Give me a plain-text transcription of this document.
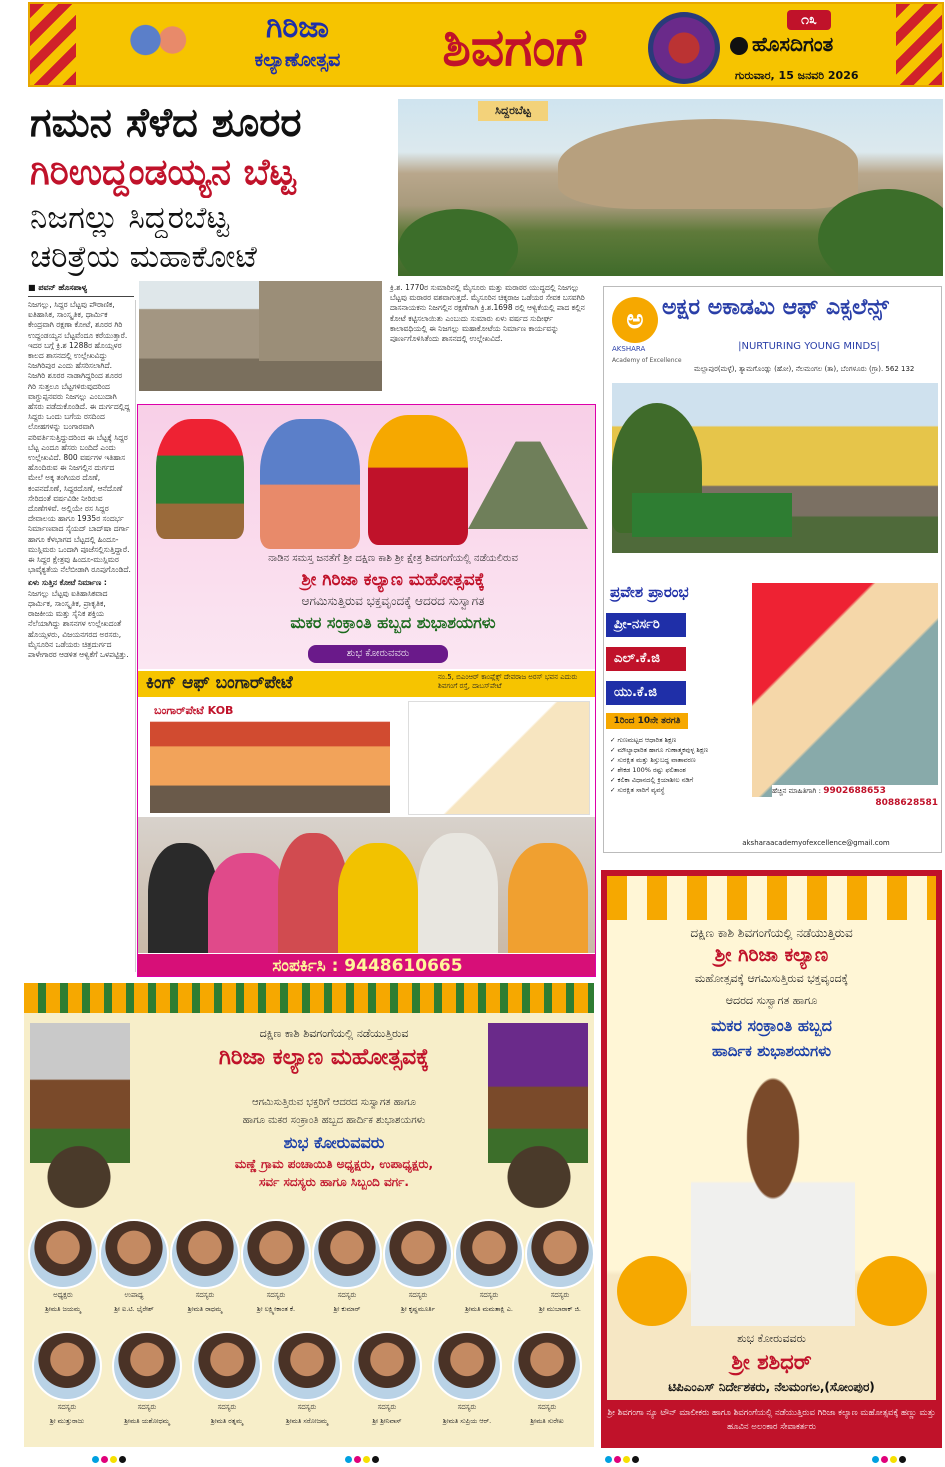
ಗಿರಿಜಾ
ಕಲ್ಯಾಣೋತ್ಸವ	ಶಿವಗಂಗೆ	೧೩
ಹೊಸದಿಗಂತ
ಗುರುವಾರ, 15 ಜನವರಿ 2026
ಗಮನ ಸೆಳೆದ ಶೂರರ
ಗಿರಿಉದ್ದಂಡಯ್ಯನ ಬೆಟ್ಟ
ನಿಜಗಲ್ಲು ಸಿದ್ದರಬೆಟ್ಟ
ಚರಿತ್ರೆಯ ಮಹಾಕೋಟೆ
ಸಿದ್ದರಬೆಟ್ಟ
■ ಪವನ್ ಹೊಸಪಾಳ್ಯ
ನಿಜಗಲ್ಲು, ಸಿದ್ದರ ಬೆಟ್ಟವು ಪೌರಾಣಿಕ, ಐತಿಹಾಸಿಕ, ಸಾಂಸ್ಕೃತಿಕ, ಧಾರ್ಮಿಕ ಕೇಂದ್ರವಾಗಿ ರಕ್ಷಣಾ ಕೋಟೆ, ಶೂರರ ಗಿರಿ ಉದ್ದಂಡಯ್ಯನ ಬೆಟ್ಟವೆಂದೂ ಕರೆಯುತ್ತಾರೆ. ಇದರ ಬಗ್ಗೆ ಕ್ರಿ.ಶ 1288ರ ಹೊಯ್ಸಳರ ಕಾಲದ ಶಾಸನದಲ್ಲಿ ಉಲ್ಲೇಖವಿದ್ದು ನಿಜಗಿರಿಪುರ ಎಂದು ಹೆಸರಿಸಲಾಗಿದೆ. ನಿಜಗಿರಿ ಶೂರರ ನಾಡಾಗಿದ್ದರಿಂದ ಶೂರರ ಗಿರಿ ಸುತ್ತಲೂ ಬೆಟ್ಟಗಳಿರುವುದರಿಂದ ವಾಗ್ದುಪ್ಪನವರು ನಿಜಗಲ್ಲು ಎಂಬುದಾಗಿ ಹೆಸರು ಪಡೆದುಕೊಂಡಿದೆ. ಈ ದುರ್ಗದಲ್ಲಿದ್ದ ಸಿದ್ದರು ಒಂದು ಬಗೆಯ ರಸದಿಂದ ಲೋಹಗಳನ್ನು ಬಂಗಾರವಾಗಿ ಪರಿವರ್ತಿಸುತ್ತಿದ್ದುದರಿಂದ ಈ ಬೆಟ್ಟಕ್ಕೆ ಸಿದ್ದರ ಬೆಟ್ಟ ಎಂದೂ ಹೆಸರು ಬಂದಿದೆ ಎಂದು ಉಲ್ಲೇಖವಿದೆ. 800 ವರ್ಷಗಳ ಇತಿಹಾಸ ಹೊಂದಿರುವ ಈ ನಿಜಗಲ್ಲಿನ ದುರ್ಗದ ಮೇಲೆ ಅಕ್ಕ ತಂಗಿಯರ ದೊಣೆ, ಕಂಪನದೊಣೆ, ಸಿದ್ದರದೊಣೆ, ಆನೆದೊಣೆ ಸೇರಿದಂತೆ ವರ್ಷವಿಡೀ ನೀರಿರುವ ದೊಣೆಗಳಿವೆ. ಅಲ್ಲಿಯೇ ರಸ ಸಿದ್ದರ ದೇವಾಲಯ ಹಾಗೂ 1935ರ ಸಂದರ್ಭ ನಿರ್ಮಾಣವಾದ ಸೈಯದ್ ಬಾದ್‌ಷಾ ದರ್ಗಾ ಹಾಗೂ ಕೆಳಭಾಗದ ಬೆಟ್ಟದಲ್ಲಿ ಹಿಂದೂ-ಮುಸ್ಲಿಮರು ಒಂದಾಗಿ ಪೂಜೆಸಲ್ಲಿಸುತ್ತಿದ್ದಾರೆ. ಈ ಸಿದ್ದರ ಕ್ಷೇತ್ರವು ಹಿಂದೂ-ಮುಸ್ಲಿಮರ ಭಾವೈಕ್ಯತೆಯ ನೆಲೆಬೀಡಾಗಿ ರೂಪುಗೊಂಡಿದೆ.
ಏಳು ಸುತ್ತಿನ ಕೋಟೆ ನಿರ್ಮಾಣ :
ನಿಜಗಲ್ಲು ಬೆಟ್ಟವು ಐತಿಹಾಸಿಕವಾದ ಧಾರ್ಮಿಕ, ಸಾಂಸ್ಕೃತಿಕ, ಪ್ರಾಕೃತಿಕ, ರಾಜಕೀಯ ಮತ್ತು ಸೈನಿಕ ಶಕ್ತಿಯ ನೆಲೆಯಾಗಿದ್ದು ಶಾಸನಗಳ ಉಲ್ಲೇಖದಂತೆ ಹೊಯ್ಸಳರು, ವಿಜಯನಗರದ ಅರಸರು, ಮೈಸೂರಿನ ಒಡೆಯರು ಚಿತ್ರದುರ್ಗದ ಪಾಳೇಗಾರರ ಆಡಳಿತ ಆಳ್ವಿಕೆಗೆ ಒಳಪಟ್ಟಿತ್ತು.
ಕ್ರಿ.ಶ. 1770ರ ಸುಮಾರಿನಲ್ಲಿ ಮೈಸೂರು ಮತ್ತು ಮರಾಠರ ಯುದ್ಧದಲ್ಲಿ ನಿಜಗಲ್ಲು ಬೆಟ್ಟವು ಮರಾಠರ ವಶವಾಗುತ್ತದೆ. ಮೈಸೂರಿನ ಚಿಕ್ಕರಾಜ ಒಡೆಯರ ಸೇವಕ ಬಸವಗಿರಿ ದಾಸನಾಯಕನು ನಿಜಗಲ್ಲಿನ ರಕ್ಷಣೆಗಾಗಿ ಕ್ರಿ.ಶ.1698 ರಲ್ಲಿ ಆಳ್ವಿಕೆಯಲ್ಲಿ ಪಾದ ಕಲ್ಲಿನ ಕೋಟೆ ಕಟ್ಟಿಸಲಾಯಿತು ಎಂಬುದು ಸುಮಾರು ಏಳು ವರ್ಷದ ಸುದೀರ್ಘ ಕಾಲಾವಧಿಯಲ್ಲಿ ಈ ನಿಜಗಲ್ಲು ಮಹಾಕೋಟೆಯ ನಿರ್ಮಾಣ ಕಾರ್ಯವನ್ನು ಪೂರ್ಣಗೊಳಿಸಿತೆಂದು ಶಾಸನದಲ್ಲಿ ಉಲ್ಲೇಖವಿದೆ.
ನಾಡಿನ ಸಮಸ್ತ ಜನತೆಗೆ ಶ್ರೀ ದಕ್ಷಿಣ ಕಾಶಿ ಶ್ರೀ ಕ್ಷೇತ್ರ ಶಿವಗಂಗೆಯಲ್ಲಿ ನಡೆಯಲಿರುವ
ಶ್ರೀ ಗಿರಿಜಾ ಕಲ್ಯಾಣ ಮಹೋತ್ಸವಕ್ಕೆ
ಆಗಮಿಸುತ್ತಿರುವ ಭಕ್ತವೃಂದಕ್ಕೆ ಆದರದ ಸುಸ್ವಾಗತ
ಮಕರ ಸಂಕ್ರಾಂತಿ ಹಬ್ಬದ ಶುಭಾಶಯಗಳು
ಶುಭ ಕೋರುವವರು
ಕಿಂಗ್ ಆಫ್ ಬಂಗಾರ್‌ಪೇಟೆ	ನಂ.5, ಬಿಎಂಆರ್ ಕಾಂಪ್ಲೆಕ್ಸ್ ದೇವರಾಜ ಅರಸ್ ಭವನ ಎದುರು ಶಿವಗಂಗೆ ರಸ್ತೆ, ದಾಬಸ್‌ಪೇಟೆ
ಬಂಗಾರ್‌ಪೇಟೆ KOB
ಸಂಪರ್ಕಿಸಿ : 9448610665
ಅ ಅಕ್ಷರ ಅಕಾಡಮಿ ಆಫ್ ಎಕ್ಸಲೆನ್ಸ್
|NURTURING YOUNG MINDS|
AKSHARA
Academy of Excellence
ಮಲ್ಲಾಪುರ(ಮಳ್ಳೆ), ತ್ಯಾಮಗೊಂಡ್ಲು (ಹೋ), ನೆಲಮಂಗಲ (ತಾ), ಬೆಂಗಳೂರು (ಗ್ರಾ). 562 132
ಪ್ರವೇಶ ಪ್ರಾರಂಭ
ಪ್ರೀ-ನರ್ಸರಿ
ಎಲ್.ಕೆ.ಜಿ
ಯು.ಕೆ.ಜಿ
1ರಿಂದ 10ನೇ ತರಗತಿ
✓ ಗುಣಮಟ್ಟದ ಆಧಾರಿತ ಶಿಕ್ಷಣ
✓ ಮೌಲ್ಯಾಧಾರಿತ ಹಾಗೂ ಗುಣಾತ್ಮಕವುಳ್ಳ ಶಿಕ್ಷಣ
✓ ಸುರಕ್ಷಿತ ಮತ್ತು ಶಿಸ್ತುಬದ್ಧ ವಾತಾವರಣ
✓ ಶೇಕಡ 100% ರಷ್ಟು ಫಲಿತಾಂಶ
✓ ಕಲಿಕಾ ವಿಧಾನದಲ್ಲಿ ಕ್ರಿಯಾಶೀಲ ನಡಿಗೆ
✓ ಸುರಕ್ಷಿತ ಸಾರಿಗೆ ವ್ಯವಸ್ಥೆ	ಹೆಚ್ಚಿನ ಮಾಹಿತಿಗಾಗಿ : 9902688653
8088628581
aksharaacademyofexcellence@gmail.com
ದಕ್ಷಿಣ ಕಾಶಿ ಶಿವಗಂಗೆಯಲ್ಲಿ ನಡೆಯುತ್ತಿರುವ
ಶ್ರೀ ಗಿರಿಜಾ ಕಲ್ಯಾಣ
ಮಹೋತ್ಸವಕ್ಕೆ ಆಗಮಿಸುತ್ತಿರುವ ಭಕ್ತವೃಂದಕ್ಕೆ
ಆದರದ ಸುಸ್ವಾಗತ ಹಾಗೂ
ಮಕರ ಸಂಕ್ರಾಂತಿ ಹಬ್ಬದ
ಹಾರ್ದಿಕ ಶುಭಾಶಯಗಳು
ಶುಭ ಕೋರುವವರು
ಶ್ರೀ ಶಶಿಧರ್
ಟಿಪಿಎಂಎಸ್ ನಿರ್ದೇಶಕರು, ನೆಲಮಂಗಲ,(ಸೋಂಪುರ)
ಶ್ರೀ ಶಿವಗಂಗಾ ನ್ಯೂ ಟೌನ್ ಮಾಲೀಕರು ಹಾಗೂ ಶಿವಗಂಗೆಯಲ್ಲಿ ನಡೆಯುತ್ತಿರುವ ಗಿರಿಜಾ ಕಲ್ಯಾಣ ಮಹೋತ್ಸವಕ್ಕೆ ಹಣ್ಣು ಮತ್ತು ಹೂವಿನ ಅಲಂಕಾರ ಸೇವಾಕರ್ತರು
ದಕ್ಷಿಣ ಕಾಶಿ ಶಿವಗಂಗೆಯಲ್ಲಿ ನಡೆಯುತ್ತಿರುವ
ಗಿರಿಜಾ ಕಲ್ಯಾಣ ಮಹೋತ್ಸವಕ್ಕೆ
ಆಗಮಿಸುತ್ತಿರುವ ಭಕ್ತರಿಗೆ ಆದರದ ಸುಸ್ವಾಗತ ಹಾಗೂ
ಹಾಗೂ ಮಕರ ಸಂಕ್ರಾಂತಿ ಹಬ್ಬದ ಹಾರ್ದಿಕ ಶುಭಾಶಯಗಳು
ಶುಭ ಕೋರುವವರು
ಮಣ್ಣೆ ಗ್ರಾಮ ಪಂಚಾಯಿತಿ ಅಧ್ಯಕ್ಷರು, ಉಪಾಧ್ಯಕ್ಷರು,
ಸರ್ವ ಸದಸ್ಯರು ಹಾಗೂ ಸಿಬ್ಬಂದಿ ವರ್ಗ.
ಅಧ್ಯಕ್ಷರು
ಶ್ರೀಮತಿ ಜಯಮ್ಮ
ಉಪಾಧ್ಯ
ಶ್ರೀ ಐ.ಟಿ. ಭೈರೇಶ್
ಸದಸ್ಯರು
ಶ್ರೀಮತಿ ರಾಧಮ್ಮ
ಸದಸ್ಯರು
ಶ್ರೀ ಲಕ್ಷ್ಮೀಕಾಂತ ಕೆ.
ಸದಸ್ಯರು
ಶ್ರೀ ಕುಮಾರ್
ಸದಸ್ಯರು
ಶ್ರೀ ಕೃಷ್ಣಮೂರ್ತಿ
ಸದಸ್ಯರು
ಶ್ರೀಮತಿ ಮಮತಾಕ್ಷಿ ಎ.
ಸದಸ್ಯರು
ಶ್ರೀ ಮುಬಾರಾಕ್ ಜಿ.
ಸದಸ್ಯರು
ಶ್ರೀ ಮುತ್ತುರಾಜು
ಸದಸ್ಯರು
ಶ್ರೀಮತಿ ಯಶೋಧಮ್ಮ
ಸದಸ್ಯರು
ಶ್ರೀಮತಿ ರತ್ನಮ್ಮ
ಸದಸ್ಯರು
ಶ್ರೀಮತಿ ಸರೋಜಮ್ಮ
ಸದಸ್ಯರು
ಶ್ರೀ ಶ್ರೀನಿವಾಸ್
ಸದಸ್ಯರು
ಶ್ರೀಮತಿ ಸುಪ್ರಿಯ ಆರ್.
ಸದಸ್ಯರು
ಶ್ರೀಮತಿ ಸುರೇಖ
